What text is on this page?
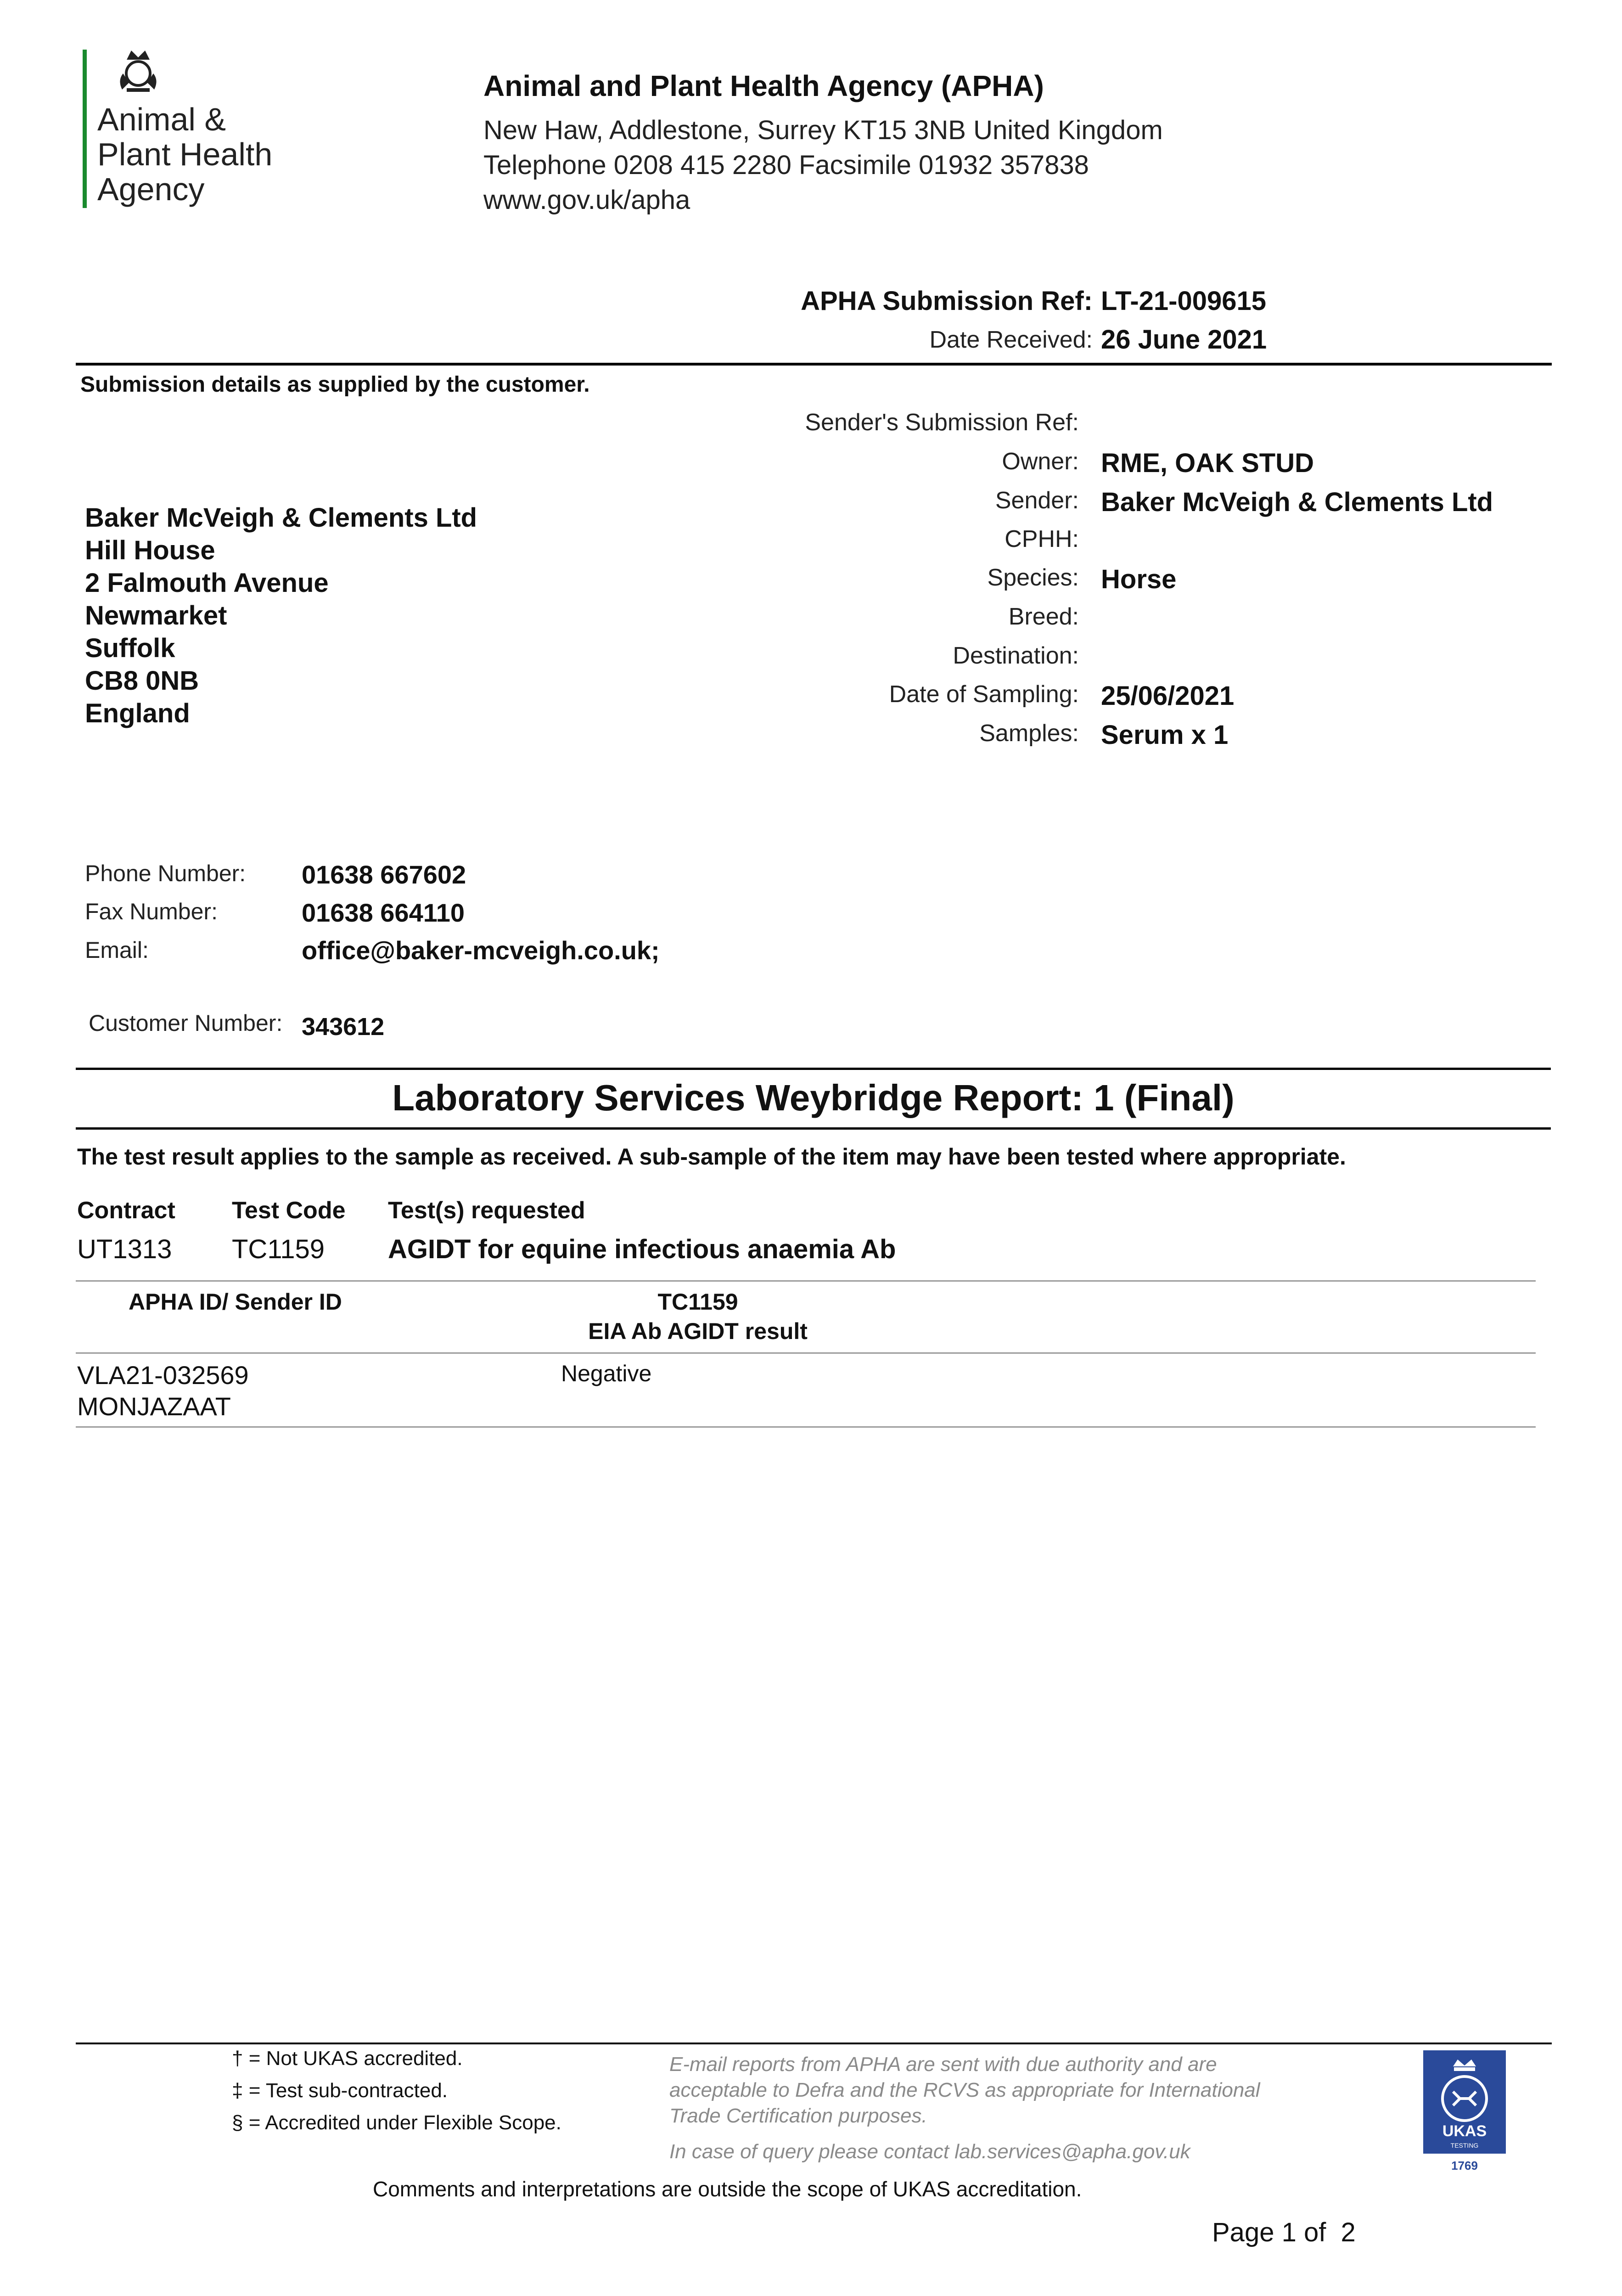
Animal &
Plant Health
Agency
Animal and Plant Health Agency (APHA)
New Haw, Addlestone, Surrey KT15 3NB United Kingdom
Telephone 0208 415 2280 Facsimile 01932 357838
www.gov.uk/apha
APHA Submission Ref: LT-21-009615
Date Received: 26 June 2021
Submission details as supplied by the customer.
Baker McVeigh & Clements Ltd
Hill House
2 Falmouth Avenue
Newmarket
Suffolk
CB8 0NB
England
Sender's Submission Ref:
Owner: RME, OAK STUD
Sender: Baker McVeigh & Clements Ltd
CPHH:
Species: Horse
Breed:
Destination:
Date of Sampling: 25/06/2021
Samples: Serum x 1
Phone Number: 01638 667602
Fax Number:	01638 664110
Email:	office@baker-mcveigh.co.uk;
Customer Number: 343612
Laboratory Services Weybridge Report: 1 (Final)
The test result applies to the sample as received. A sub-sample of the item may have been tested where appropriate.
Contract Test Code Test(s) requested
UT1313 TC1159 AGIDT for equine infectious anaemia Ab
APHA ID/ Sender ID	TC1159
EIA Ab AGIDT result
VLA21-032569
MONJAZAAT
Negative
† = Not UKAS accredited.
‡ = Test sub-contracted.
§ = Accredited under Flexible Scope.
E-mail reports from APHA are sent with due authority and are
acceptable to Defra and the RCVS as appropriate for International
Trade Certification purposes.
In case of query please contact lab.services@apha.gov.uk
UKAS
TESTING
1769
Comments and interpretations are outside the scope of UKAS accreditation.
Page 1 of  2
